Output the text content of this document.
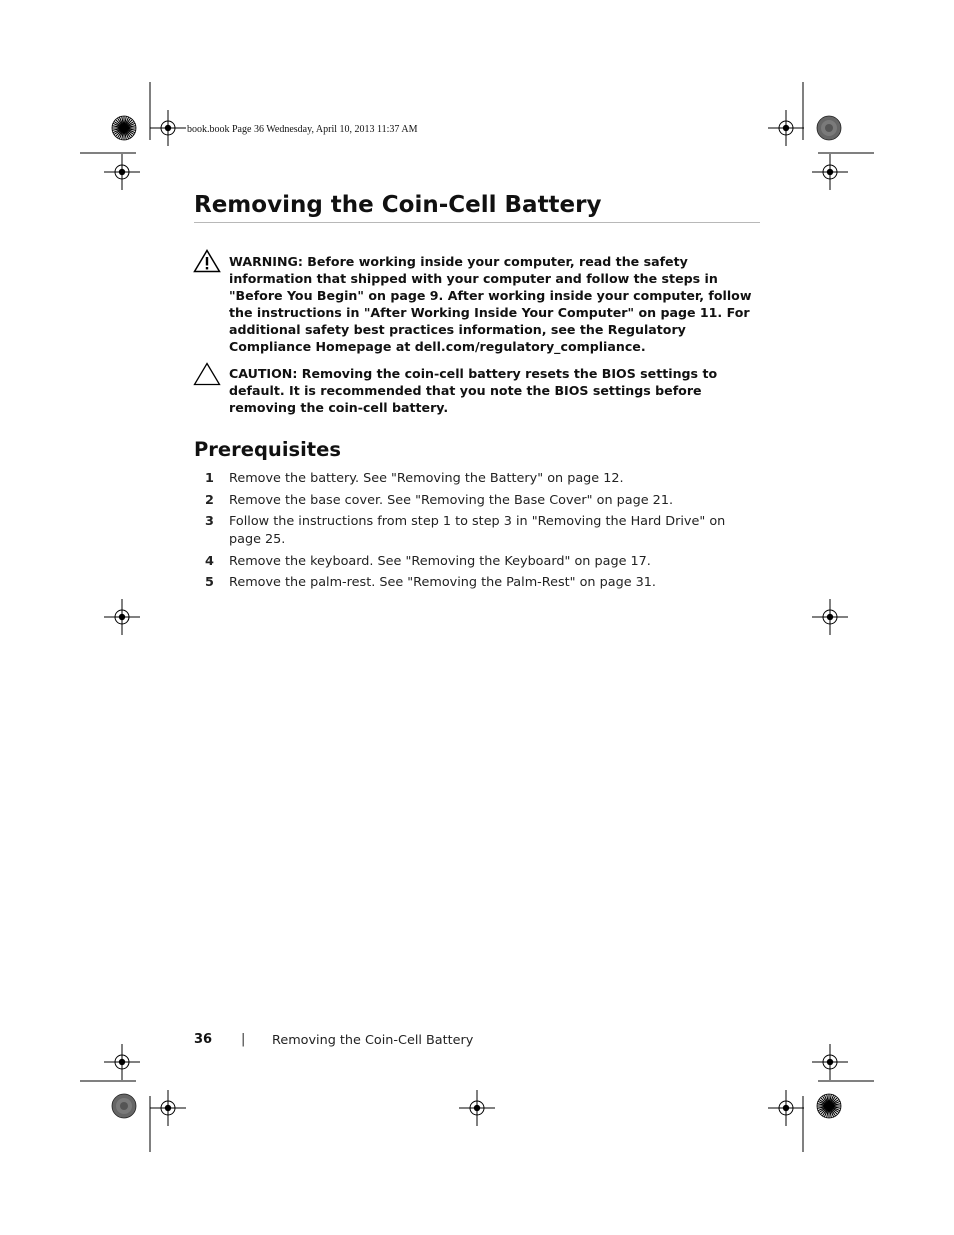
book.book Page 36 Wednesday, April 10, 2013 11:37 AM
Removing the Coin-Cell Battery

WARNING: Before working inside your computer, read the safety information that shipped with your computer and follow the steps in "Before You Begin" on page 9. After working inside your computer, follow the instructions in "After Working Inside Your Computer" on page 11. For additional safety best practices information, see the Regulatory Compliance Homepage at dell.com/regulatory_compliance.

CAUTION: Removing the coin-cell battery resets the BIOS settings to default. It is recommended that you note the BIOS settings before removing the coin-cell battery.

Prerequisites
1 Remove the battery. See "Removing the Battery" on page 12.
2 Remove the base cover. See "Removing the Base Cover" on page 21.
3 Follow the instructions from step 1 to step 3 in "Removing the Hard Drive" on page 25.
4 Remove the keyboard. See "Removing the Keyboard" on page 17.
5 Remove the palm-rest. See "Removing the Palm-Rest" on page 31.
36 | Removing the Coin-Cell Battery
